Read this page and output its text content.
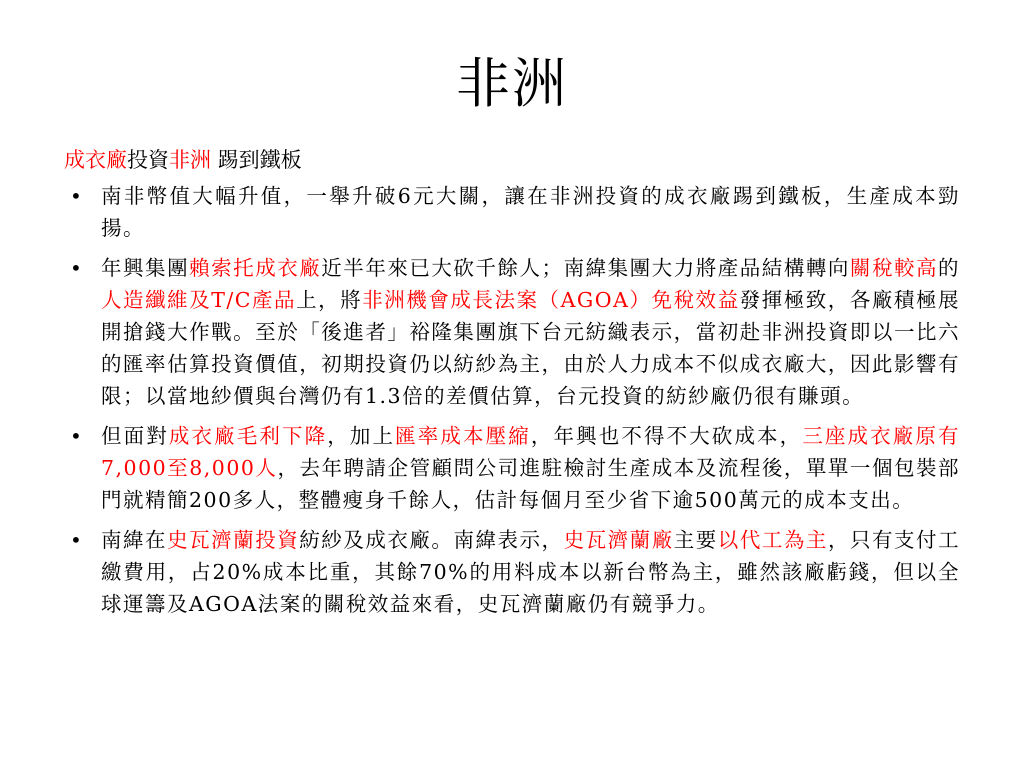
非洲
成衣廠投資非洲 踢到鐵板
• 南非幣值大幅升值，一舉升破6元大關，讓在非洲投資的成衣廠踢到鐵板，生產成本勁揚。
• 年興集團賴索托成衣廠近半年來已大砍千餘人；南緯集團大力將產品結構轉向關稅較高的人造纖維及T/C產品上，將非洲機會成長法案（AGOA）免稅效益發揮極致，各廠積極展開搶錢大作戰。至於「後進者」裕隆集團旗下台元紡織表示，當初赴非洲投資即以一比六的匯率估算投資價值，初期投資仍以紡紗為主，由於人力成本不似成衣廠大，因此影響有限；以當地紗價與台灣仍有1.3倍的差價估算，台元投資的紡紗廠仍很有賺頭。
• 但面對成衣廠毛利下降，加上匯率成本壓縮，年興也不得不大砍成本，三座成衣廠原有7,000至8,000人，去年聘請企管顧問公司進駐檢討生產成本及流程後，單單一個包裝部門就精簡200多人，整體瘦身千餘人，估計每個月至少省下逾500萬元的成本支出。
• 南緯在史瓦濟蘭投資紡紗及成衣廠。南緯表示，史瓦濟蘭廠主要以代工為主，只有支付工繳費用，占20%成本比重，其餘70%的用料成本以新台幣為主，雖然該廠虧錢，但以全球運籌及AGOA法案的關稅效益來看，史瓦濟蘭廠仍有競爭力。
